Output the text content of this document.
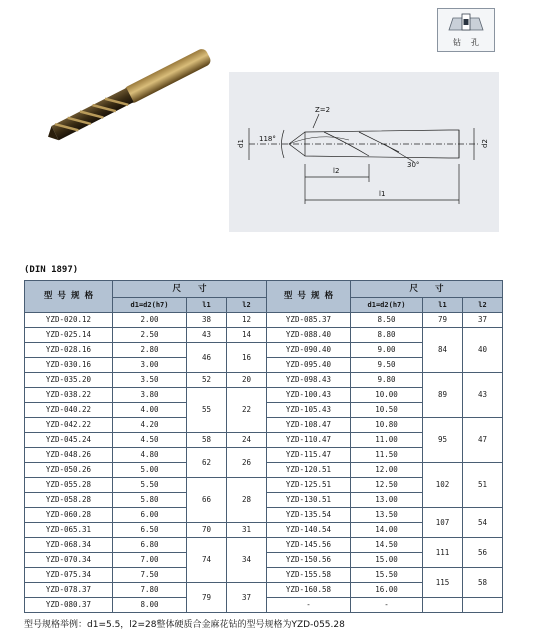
钻孔
Z=2
118°
d1	d2
30°
l2
l1
(DIN 1897)
型 号 规 格	尺　　寸			型 号 规 格	尺　　寸		
	d1=d2(h7)	l1	l2		d1=d2(h7)	l1	l2
YZD-020.12	2.00	38	12	YZD-085.37	8.50	79	37
YZD-025.14	2.50	43	14	YZD-088.40	8.80	84	40
YZD-028.16	2.80	46	16	YZD-090.40	9.00		
YZD-030.16	3.00			YZD-095.40	9.50		
YZD-035.20	3.50	52	20	YZD-098.43	9.80	89	43
YZD-038.22	3.80	55	22	YZD-100.43	10.00		
YZD-040.22	4.00			YZD-105.43	10.50		
YZD-042.22	4.20			YZD-108.47	10.80	95	47
YZD-045.24	4.50	58	24	YZD-110.47	11.00		
YZD-048.26	4.80	62	26	YZD-115.47	11.50		
YZD-050.26	5.00			YZD-120.51	12.00	102	51
YZD-055.28	5.50	66	28	YZD-125.51	12.50		
YZD-058.28	5.80			YZD-130.51	13.00		
YZD-060.28	6.00			YZD-135.54	13.50	107	54
YZD-065.31	6.50	70	31	YZD-140.54	14.00		
YZD-068.34	6.80	74	34	YZD-145.56	14.50	111	56
YZD-070.34	7.00			YZD-150.56	15.00		
YZD-075.34	7.50			YZD-155.58	15.50	115	58
YZD-078.37	7.80	79	37	YZD-160.58	16.00		
YZD-080.37	8.00			-	-		
型号规格举例：d1=5.5，l2=28整体硬质合金麻花钻的型号规格为YZD-055.28
